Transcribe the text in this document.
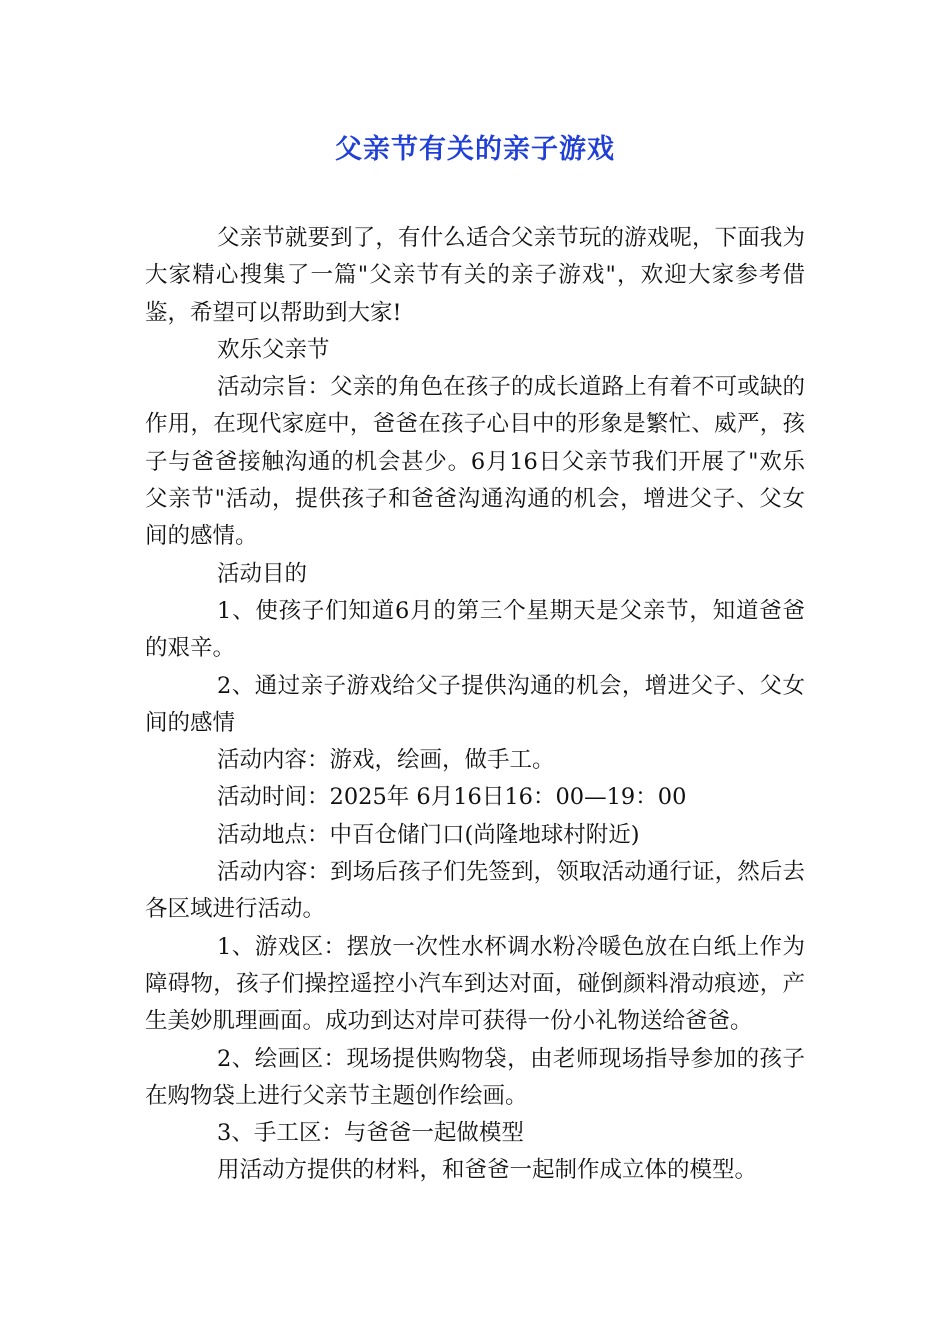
父亲节有关的亲子游戏

父亲节就要到了，有什么适合父亲节玩的游戏呢，下面我为大家精心搜集了一篇"父亲节有关的亲子游戏"，欢迎大家参考借鉴，希望可以帮助到大家!

欢乐父亲节

活动宗旨：父亲的角色在孩子的成长道路上有着不可或缺的作用，在现代家庭中，爸爸在孩子心目中的形象是繁忙、威严，孩子与爸爸接触沟通的机会甚少。6月16日父亲节我们开展了"欢乐父亲节"活动，提供孩子和爸爸沟通沟通的机会，增进父子、父女间的感情。

活动目的

1、使孩子们知道6月的第三个星期天是父亲节，知道爸爸的艰辛。

2、通过亲子游戏给父子提供沟通的机会，增进父子、父女间的感情

活动内容：游戏，绘画，做手工。

活动时间：2025年 6月16日16：00—19：00

活动地点：中百仓储门口(尚隆地球村附近)

活动内容：到场后孩子们先签到，领取活动通行证，然后去各区域进行活动。

1、游戏区：摆放一次性水杯调水粉冷暖色放在白纸上作为障碍物，孩子们操控遥控小汽车到达对面，碰倒颜料滑动痕迹，产生美妙肌理画面。成功到达对岸可获得一份小礼物送给爸爸。

2、绘画区：现场提供购物袋，由老师现场指导参加的孩子在购物袋上进行父亲节主题创作绘画。

3、手工区：与爸爸一起做模型

用活动方提供的材料，和爸爸一起制作成立体的模型。
